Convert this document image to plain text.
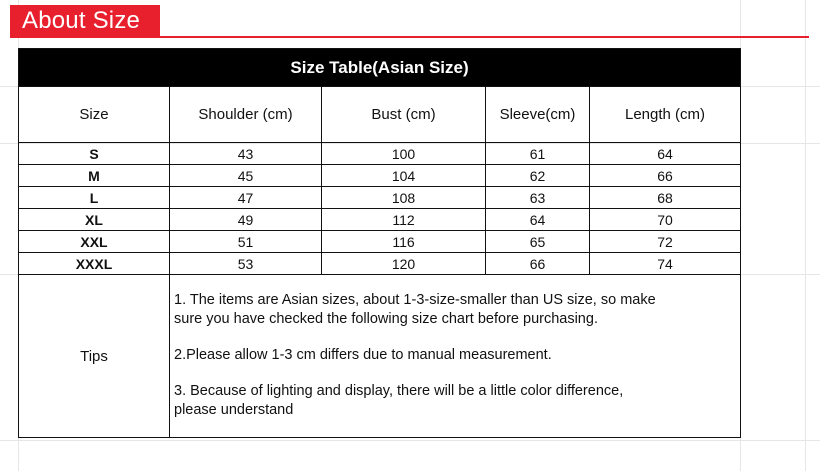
About Size
Size Table(Asian Size)				
Size	Shoulder (cm)	Bust (cm)	Sleeve(cm)	Length (cm)
S	43	100	61	64
M	45	104	62	66
L	47	108	63	68
XL	49	112	64	70
XXL	51	116	65	72
XXXL	53	120	66	74
Tips	1. The items are Asian sizes, about 1-3-size-smaller than US size, so make
sure you have checked the following size chart before purchasing.
2.Please allow 1-3 cm differs due to manual measurement.
3. Because of lighting and display, there will be a little color difference,
please understand			
